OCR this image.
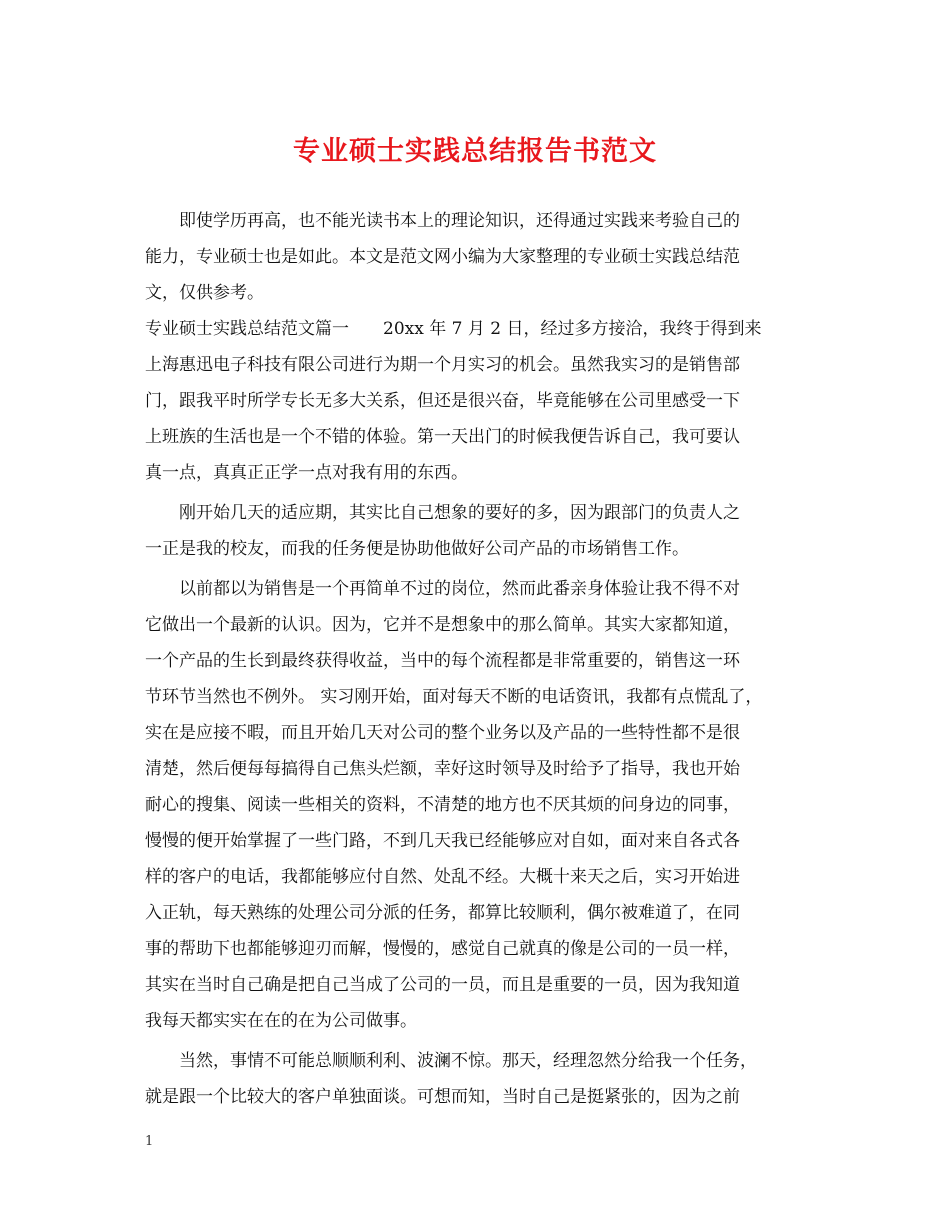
专业硕士实践总结报告书范文
即使学历再高，也不能光读书本上的理论知识，还得通过实践来考验自己的
能力，专业硕士也是如此。本文是范文网小编为大家整理的专业硕士实践总结范
文，仅供参考。
专业硕士实践总结范文篇一 20xx 年 7 月 2 日，经过多方接洽，我终于得到来
上海惠迅电子科技有限公司进行为期一个月实习的机会。虽然我实习的是销售部
门，跟我平时所学专长无多大关系，但还是很兴奋，毕竟能够在公司里感受一下
上班族的生活也是一个不错的体验。第一天出门的时候我便告诉自己，我可要认
真一点，真真正正学一点对我有用的东西。
刚开始几天的适应期，其实比自己想象的要好的多，因为跟部门的负责人之
一正是我的校友，而我的任务便是协助他做好公司产品的市场销售工作。
以前都以为销售是一个再简单不过的岗位，然而此番亲身体验让我不得不对
它做出一个最新的认识。因为，它并不是想象中的那么简单。其实大家都知道，
一个产品的生长到最终获得收益，当中的每个流程都是非常重要的，销售这一环
节环节当然也不例外。 实习刚开始，面对每天不断的电话资讯，我都有点慌乱了，
实在是应接不暇，而且开始几天对公司的整个业务以及产品的一些特性都不是很
清楚，然后便每每搞得自己焦头烂额，幸好这时领导及时给予了指导，我也开始
耐心的搜集、阅读一些相关的资料，不清楚的地方也不厌其烦的问身边的同事，
慢慢的便开始掌握了一些门路，不到几天我已经能够应对自如，面对来自各式各
样的客户的电话，我都能够应付自然、处乱不经。大概十来天之后，实习开始进
入正轨，每天熟练的处理公司分派的任务，都算比较顺利，偶尔被难道了，在同
事的帮助下也都能够迎刃而解，慢慢的，感觉自己就真的像是公司的一员一样，
其实在当时自己确是把自己当成了公司的一员，而且是重要的一员，因为我知道
我每天都实实在在的在为公司做事。
当然，事情不可能总顺顺利利、波澜不惊。那天，经理忽然分给我一个任务，
就是跟一个比较大的客户单独面谈。可想而知，当时自己是挺紧张的，因为之前
1
